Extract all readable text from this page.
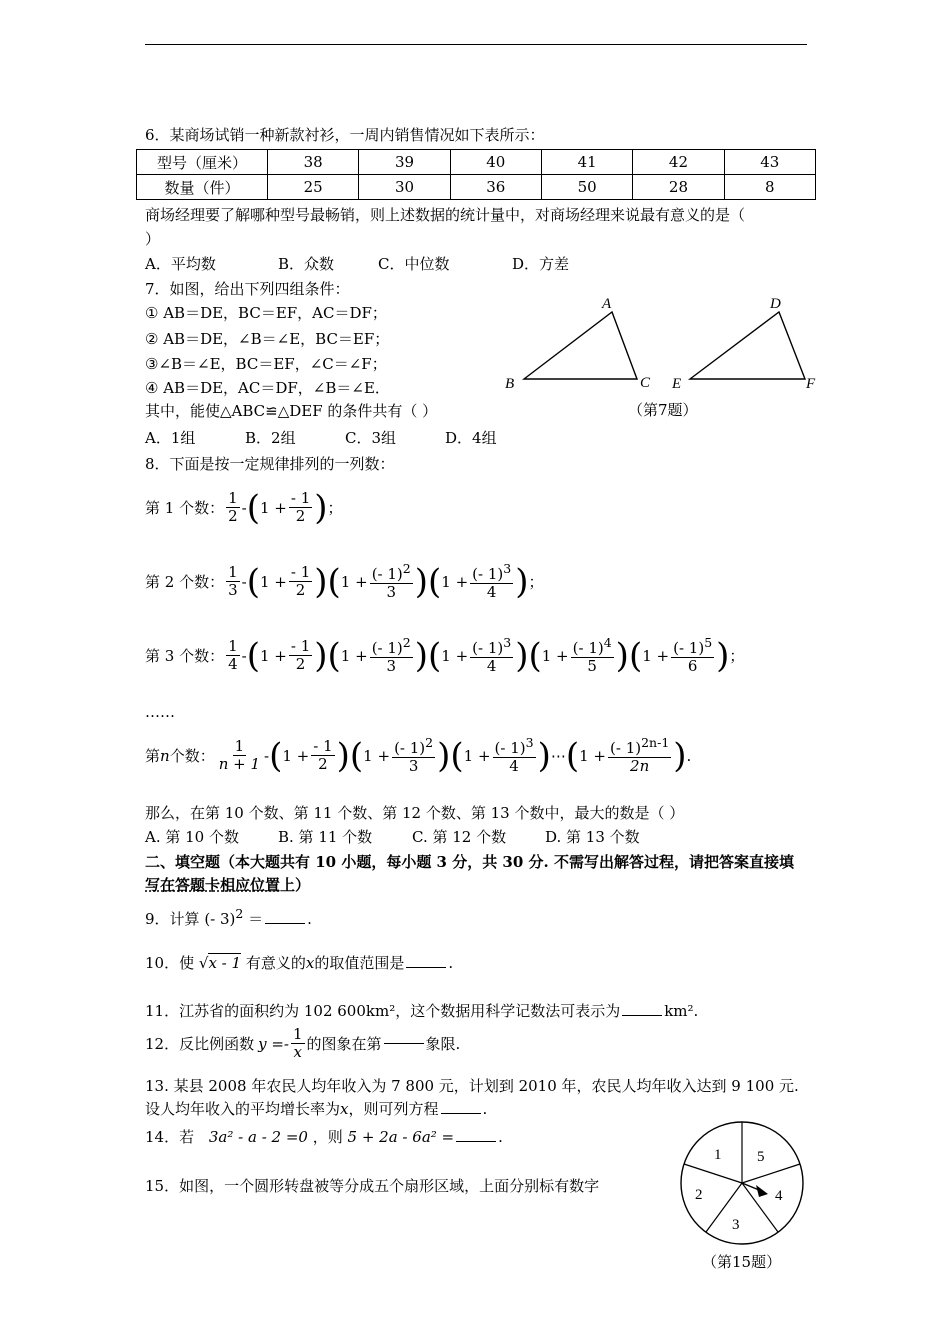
6．某商场试销一种新款衬衫，一周内销售情况如下表所示：
型号（厘米）	38	39	40	41	42	43
数量（件）	25	30	36	50	28	8
商场经理要了解哪种型号最畅销，则上述数据的统计量中，对商场经理来说最有意义的是（
）
A．平均数	B．众数	C．中位数	D．方差
7．如图，给出下列四组条件：
① AB＝DE，BC＝EF，AC＝DF；
② AB＝DE，∠B＝∠E，BC＝EF；
③∠B＝∠E，BC＝EF，∠C＝∠F；
④ AB＝DE，AC＝DF，∠B＝∠E．
其中，能使△ABC≌△DEF 的条件共有（ ）
A．1组	B．2组	C．3组	D．4组
A
B	C
D
E	F
（第7题）
8．下面是按一定规律排列的一列数：
第 1 个数： $\frac{1}{2}$ - ( $1 + \frac{- 1}{2}$ ) ；
第 2 个数： $\frac{1}{3}$ - ( $1 + \frac{- 1}{2}$ ) ( $1 + \frac{(- 1)^2}{3}$ ) ( $1 + \frac{(- 1)^3}{4}$ ) ；
第 3 个数： $\frac{1}{4}$ - ( $1 + \frac{- 1}{2}$ ) ( $1 + \frac{(- 1)^2}{3}$ ) ( $1 + \frac{(- 1)^3}{4}$ ) ( $1 + \frac{(- 1)^4}{5}$ ) ( $1 + \frac{(- 1)^5}{6}$ ) ；
……
第 n 个数： $\frac{1}{n + 1}$ - ( $1 + \frac{- 1}{2}$ ) ( $1 + \frac{(- 1)^2}{3}$ ) ( $1 + \frac{(- 1)^3}{4}$ ) ⋯ ( $1 + \frac{(- 1)^{2n-1}}{2n}$ ) .
那么，在第 10 个数、第 11 个数、第 12 个数、第 13 个数中，最大的数是（ ）
A. 第 10 个数	B. 第 11 个数	C. 第 12 个数	D. 第 13 个数
二、填空题（本大题共有 10 小题，每小题 3 分，共 30 分. 不需写出解答过程，请把答案直接填
写在答题卡相应位置上）
9．计算 (- 3)$^2$ ＝	.
10．使 √x - 1 有意义的x的取值范围是	.
11．江苏省的面积约为 102 600km²，这个数据用科学记数法可表示为	km².
12．反比例函数 $y =- \frac{1}{x}$ 的图象在第	象限.
13. 某县 2008 年农民人均年收入为 7 800 元，计划到 2010 年，农民人均年收入达到 9 100 元.
设人均年收入的平均增长率为x，则可列方程	.
14．若 3a² - a - 2 =0 ，则 5 + 2a - 6a² =	.
15．如图，一个圆形转盘被等分成五个扇形区域，上面分别标有数字
1 5
4
3
2
（第15题）
